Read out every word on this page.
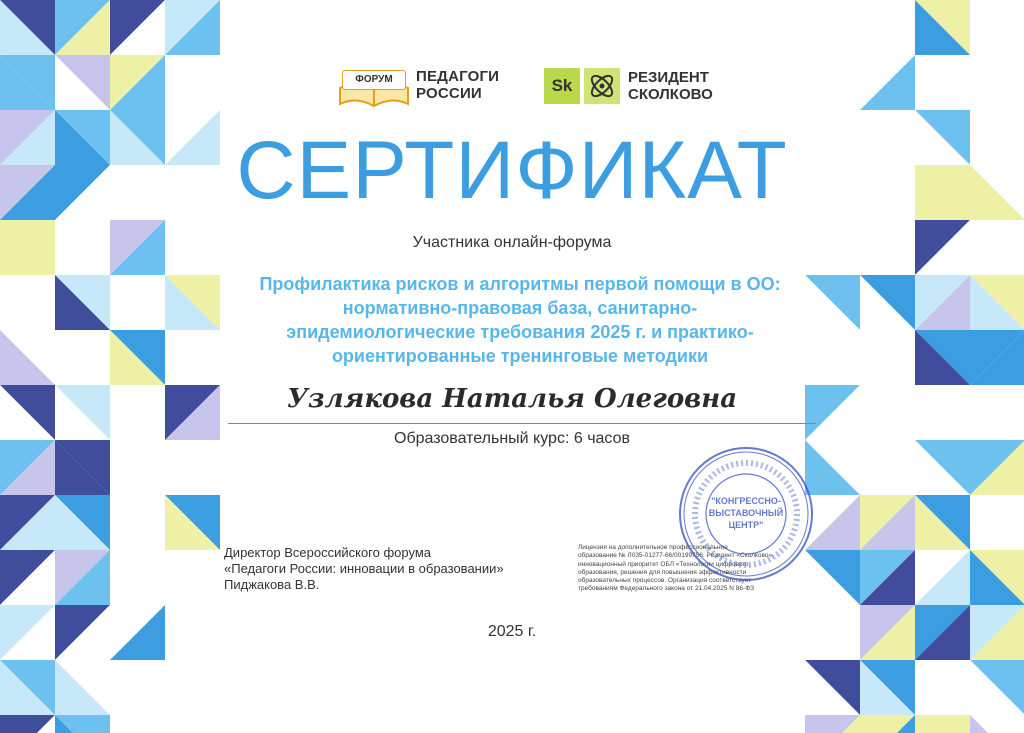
ФОРУМ	ПЕДАГОГИ
РОССИИ	Sk	РЕЗИДЕНТ
СКОЛКОВО
СЕРТИФИКАТ
Участника онлайн-форума
Профилактика рисков и алгоритмы первой помощи в ОО:
нормативно-правовая база, санитарно-
эпидемиологические требования 2025 г. и практико-
ориентированные тренинговые методики
Узлякова Наталья Олеговна
Образовательный курс: 6 часов
Директор Всероссийского форума
«Педагоги России: инновации в образовании»
Пиджакова В.В.
Лицензия на дополнительное профессиональное
образование № Л035-01277-66/00199756. Резидент «Сколково»,
инновационный приоритет ОБЛ «Технологии цифрового
образования, решения для повышения эффективности
образовательных процессов. Организация соответствует
требованиям Федерального закона от 21.04.2025 N 86-ФЗ
"КОНГРЕССНО-
ВЫСТАВОЧНЫЙ
ЦЕНТР"
2025 г.
